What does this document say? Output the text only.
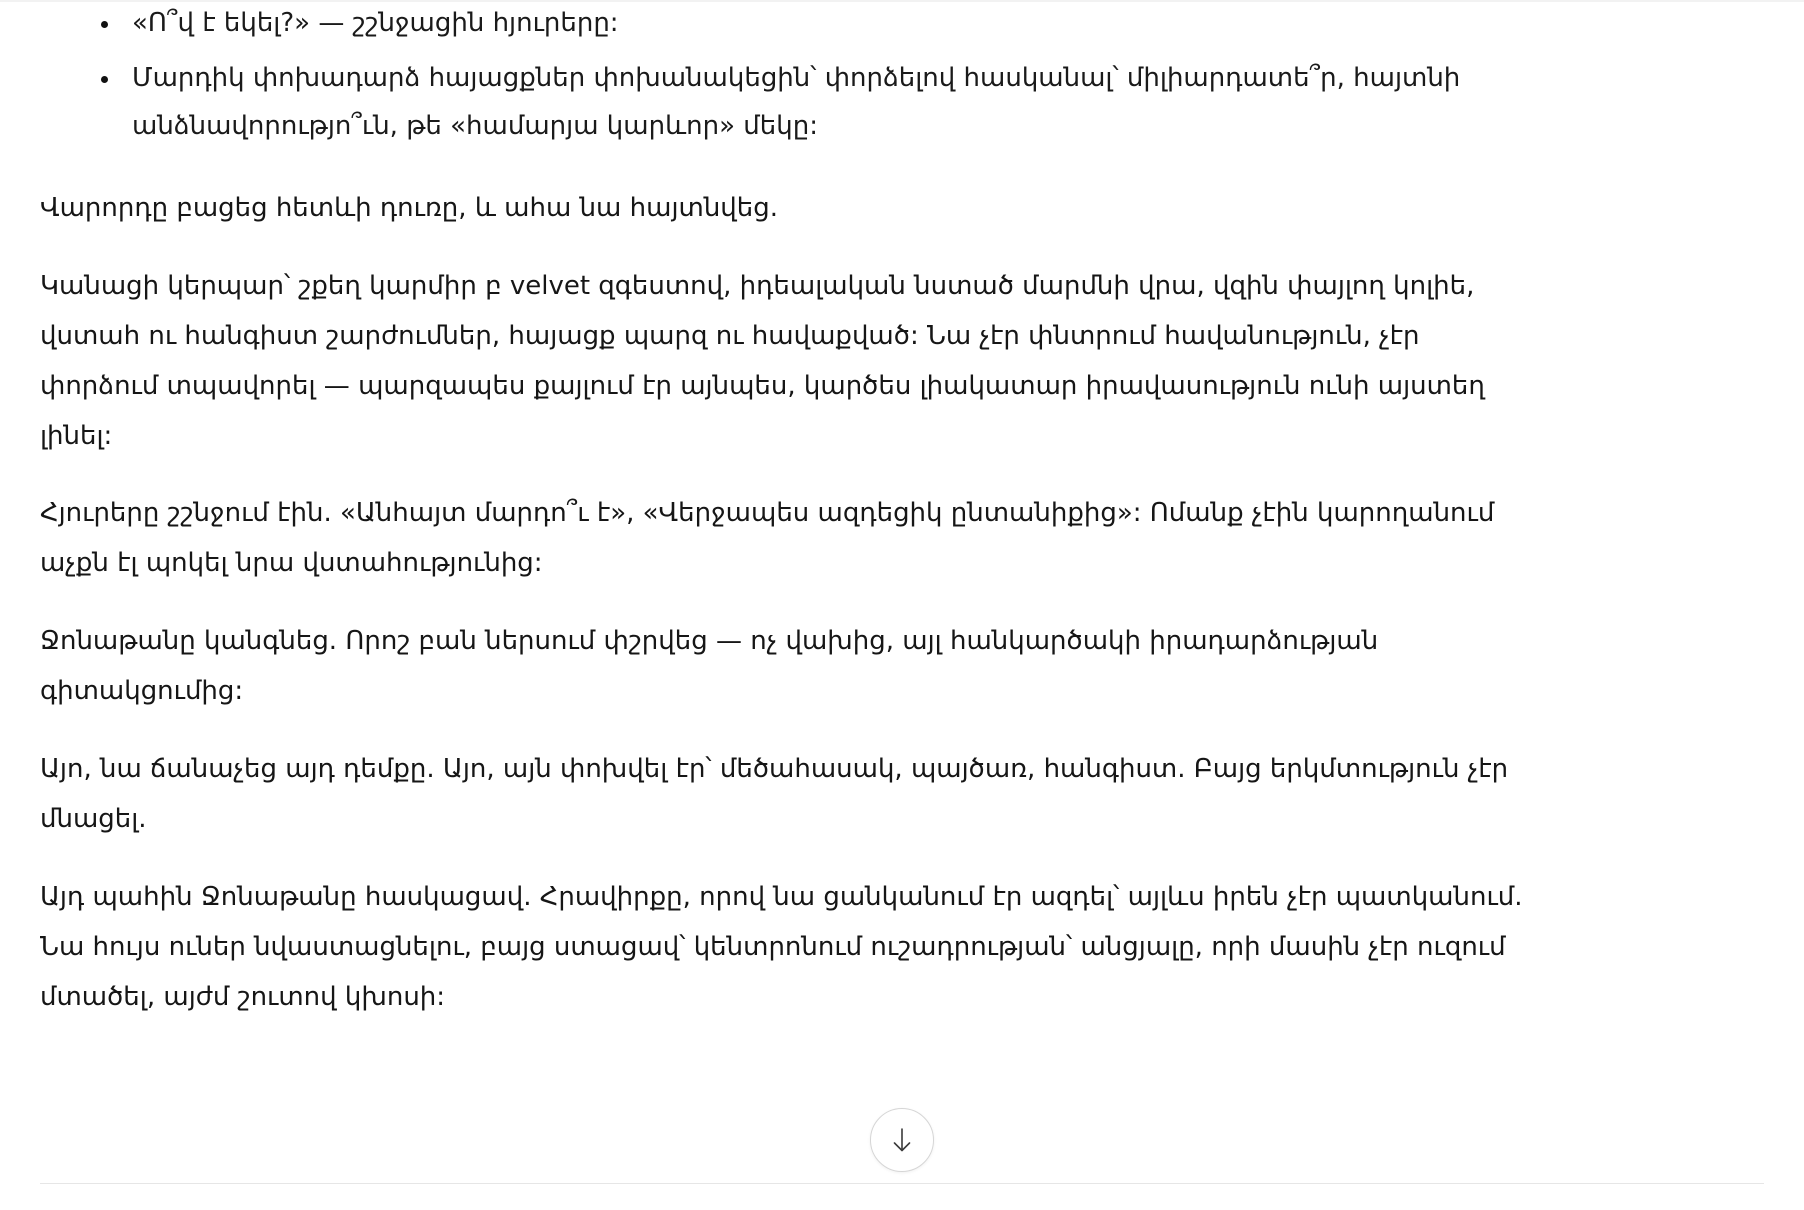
• «Ո՞վ է եկել?» — շշնջացին հյուրերը:
• Մարդիկ փոխադարձ հայացքներ փոխանակեցին՝ փորձելով հասկանալ՝ միլիարդատե՞ր, հայտնի անձնավորությո՞ւն, թե «համարյա կարևոր» մեկը:

Վարորդը բացեց հետևի դուռը, և ահա նա հայտնվեց.

Կանացի կերպար՝ շքեղ կարմիր բ velvet զգեստով, իդեալական նստած մարմնի վրա, վզին փայլող կոլիե, վստահ ու հանգիստ շարժումներ, հայացք պարզ ու հավաքված: Նա չէր փնտրում հավանություն, չէր փորձում տպավորել — պարզապես քայլում էր այնպես, կարծես լիակատար իրավասություն ունի այստեղ լինել:

Հյուրերը շշնջում էին. «Անհայտ մարդո՞ւ է», «Վերջապես ազդեցիկ ընտանիքից»: Ոմանք չէին կարողանում աչքն էլ պոկել նրա վստահությունից:

Ջոնաթանը կանգնեց. Որոշ բան ներսում փշրվեց — ոչ վախից, այլ հանկարծակի իրադարձության գիտակցումից:

Այո, նա ճանաչեց այդ դեմքը. Այո, այն փոխվել էր՝ մեծահասակ, պայծառ, հանգիստ. Բայց երկմտություն չէր մնացել.

Այդ պահին Ջոնաթանը հասկացավ. Հրավիրքը, որով նա ցանկանում էր ազդել՝ այլևս իրեն չէր պատկանում. Նա հույս ուներ նվաստացնելու, բայց ստացավ՝ կենտրոնում ուշադրության՝ անցյալը, որի մասին չէր ուզում մտածել, այժմ շուտով կխոսի:
